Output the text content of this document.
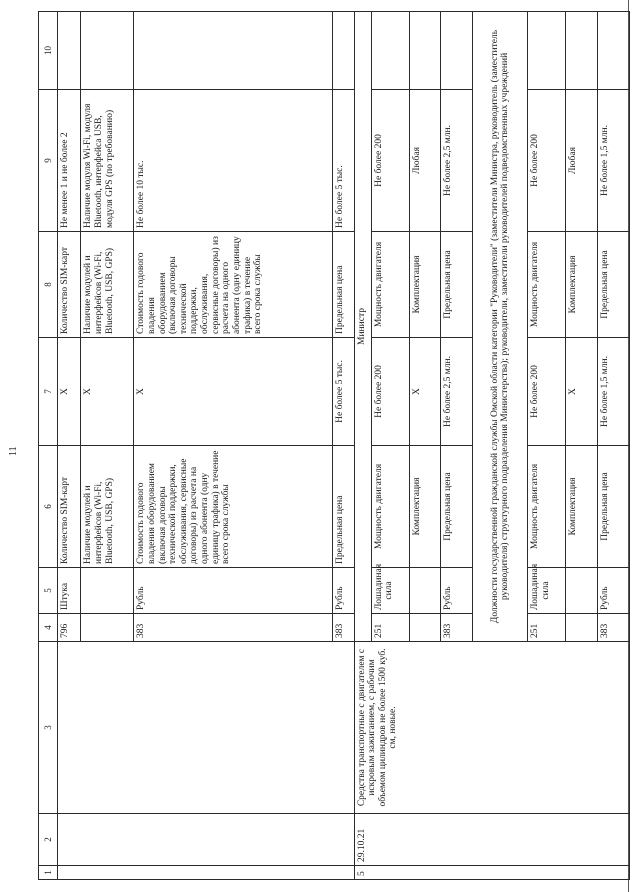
11
1	2	3	4	5	6	7	8	9	10
			796	Штука	Количество SIM-карт	X	Количество SIM-карт	Не менее 1 и не более 2	
					Наличие модулей и интерфейсов (Wi-Fi, Bluetooth, USB, GPS)	X	Наличие модулей и интерфейсов (Wi-Fi, Bluetooth, USB, GPS)	Наличие модуля Wi-Fi, модуля Bluetooth, интерфейса USB, модуля GPS (по требованию)	
			383	Рубль	Стоимость годового владения оборудованием (включая договоры технической поддержки, обслуживания, сервисные договоры) из расчета на одного абонента (одну единицу трафика) в течение всего срока службы	X	Стоимость годового владения оборудованием (включая договоры технической поддержки, обслуживания, сервисные договоры) из расчета на одного абонента (одну единицу трафика) в течение всего срока службы	Не более 10 тыс.	
			383	Рубль	Предельная цена	Не более 5 тыс.	Предельная цена	Не более 5 тыс.	
5	29.10.21	Средства транспортные с двигателем с искровым зажиганием, с рабочим объемом цилиндров не более 1500 куб. см, новые.	Министр						
			251	Лошадиная сила	Мощность двигателя	Не более 200	Мощность двигателя	Не более 200	
					Комплектация	X	Комплектация	Любая	
			383	Рубль	Предельная цена	Не более 2,5 млн.	Предельная цена	Не более 2,5 млн.	
			Должности государственной гражданской службы Омской области категории "Руководители" (заместители Министра, руководитель (заместитель руководителя) структурного подразделения Министерства); руководители, заместители руководителей подведомственных учреждений						
			251	Лошадиная сила	Мощность двигателя	Не более 200	Мощность двигателя	Не более 200	
					Комплектация	X	Комплектация	Любая	
			383	Рубль	Предельная цена	Не более 1,5 млн.	Предельная цена	Не более 1,5 млн.	
